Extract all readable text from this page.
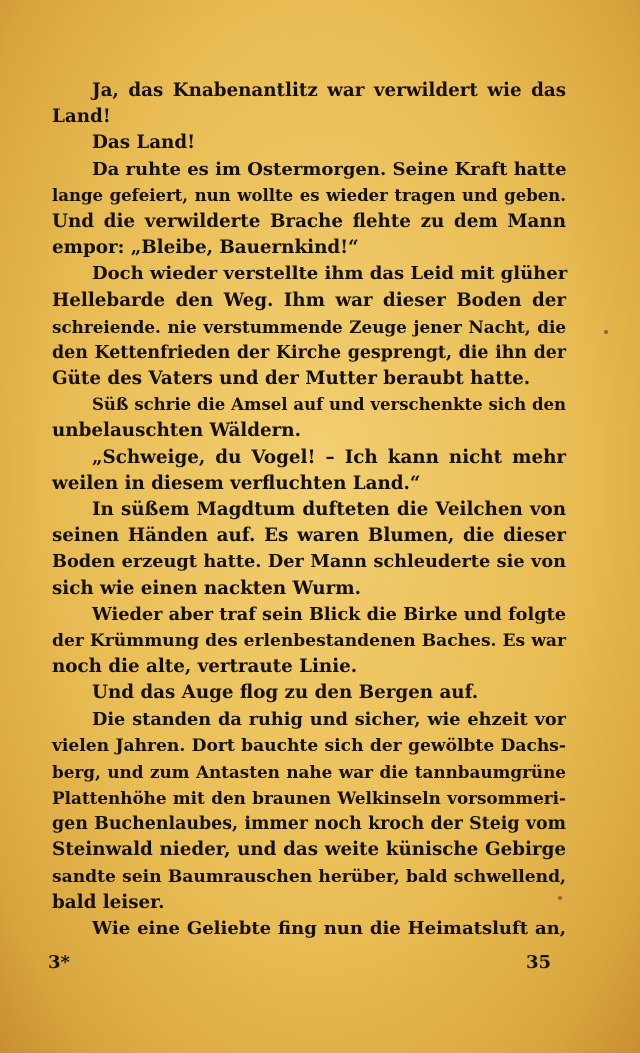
Ja, das Knabenantlitz war verwildert wie das
Land!
Das Land!
Da ruhte es im Ostermorgen. Seine Kraft hatte
lange gefeiert, nun wollte es wieder tragen und geben.
Und die verwilderte Brache flehte zu dem Mann
empor: „Bleibe, Bauernkind!“
Doch wieder verstellte ihm das Leid mit glüher
Hellebarde den Weg. Ihm war dieser Boden der
schreiende. nie verstummende Zeuge jener Nacht, die
den Kettenfrieden der Kirche gesprengt, die ihn der
Güte des Vaters und der Mutter beraubt hatte.
Süß schrie die Amsel auf und verschenkte sich den
unbelauschten Wäldern.
„Schweige, du Vogel! – Ich kann nicht mehr
weilen in diesem verfluchten Land.“
In süßem Magdtum dufteten die Veilchen von
seinen Händen auf. Es waren Blumen, die dieser
Boden erzeugt hatte. Der Mann schleuderte sie von
sich wie einen nackten Wurm.
Wieder aber traf sein Blick die Birke und folgte
der Krümmung des erlenbestandenen Baches. Es war
noch die alte, vertraute Linie.
Und das Auge flog zu den Bergen auf.
Die standen da ruhig und sicher, wie ehzeit vor
vielen Jahren. Dort bauchte sich der gewölbte Dachs-
berg, und zum Antasten nahe war die tannbaumgrüne
Plattenhöhe mit den braunen Welkinseln vorsommeri-
gen Buchenlaubes, immer noch kroch der Steig vom
Steinwald nieder, und das weite künische Gebirge
sandte sein Baumrauschen herüber, bald schwellend,
bald leiser.
Wie eine Geliebte fing nun die Heimatsluft an,
3*	35
